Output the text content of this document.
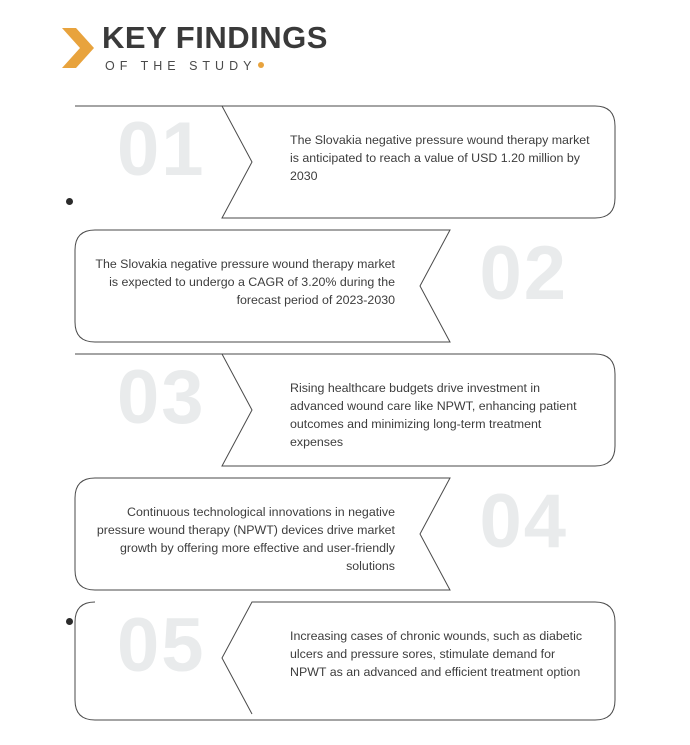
KEY FINDINGS
OF THE STUDY
01	The Slovakia negative pressure wound therapy market is anticipated to reach a value of USD 1.20 million by 2030
02
The Slovakia negative pressure wound therapy market is expected to undergo a CAGR of 3.20% during the forecast period of 2023-2030
03	Rising healthcare budgets drive investment in advanced wound care like NPWT, enhancing patient outcomes and minimizing long-term treatment expenses
04
Continuous technological innovations in negative pressure wound therapy (NPWT) devices drive market growth by offering more effective and user-friendly solutions
05	Increasing cases of chronic wounds, such as diabetic ulcers and pressure sores, stimulate demand for NPWT as an advanced and efficient treatment option
